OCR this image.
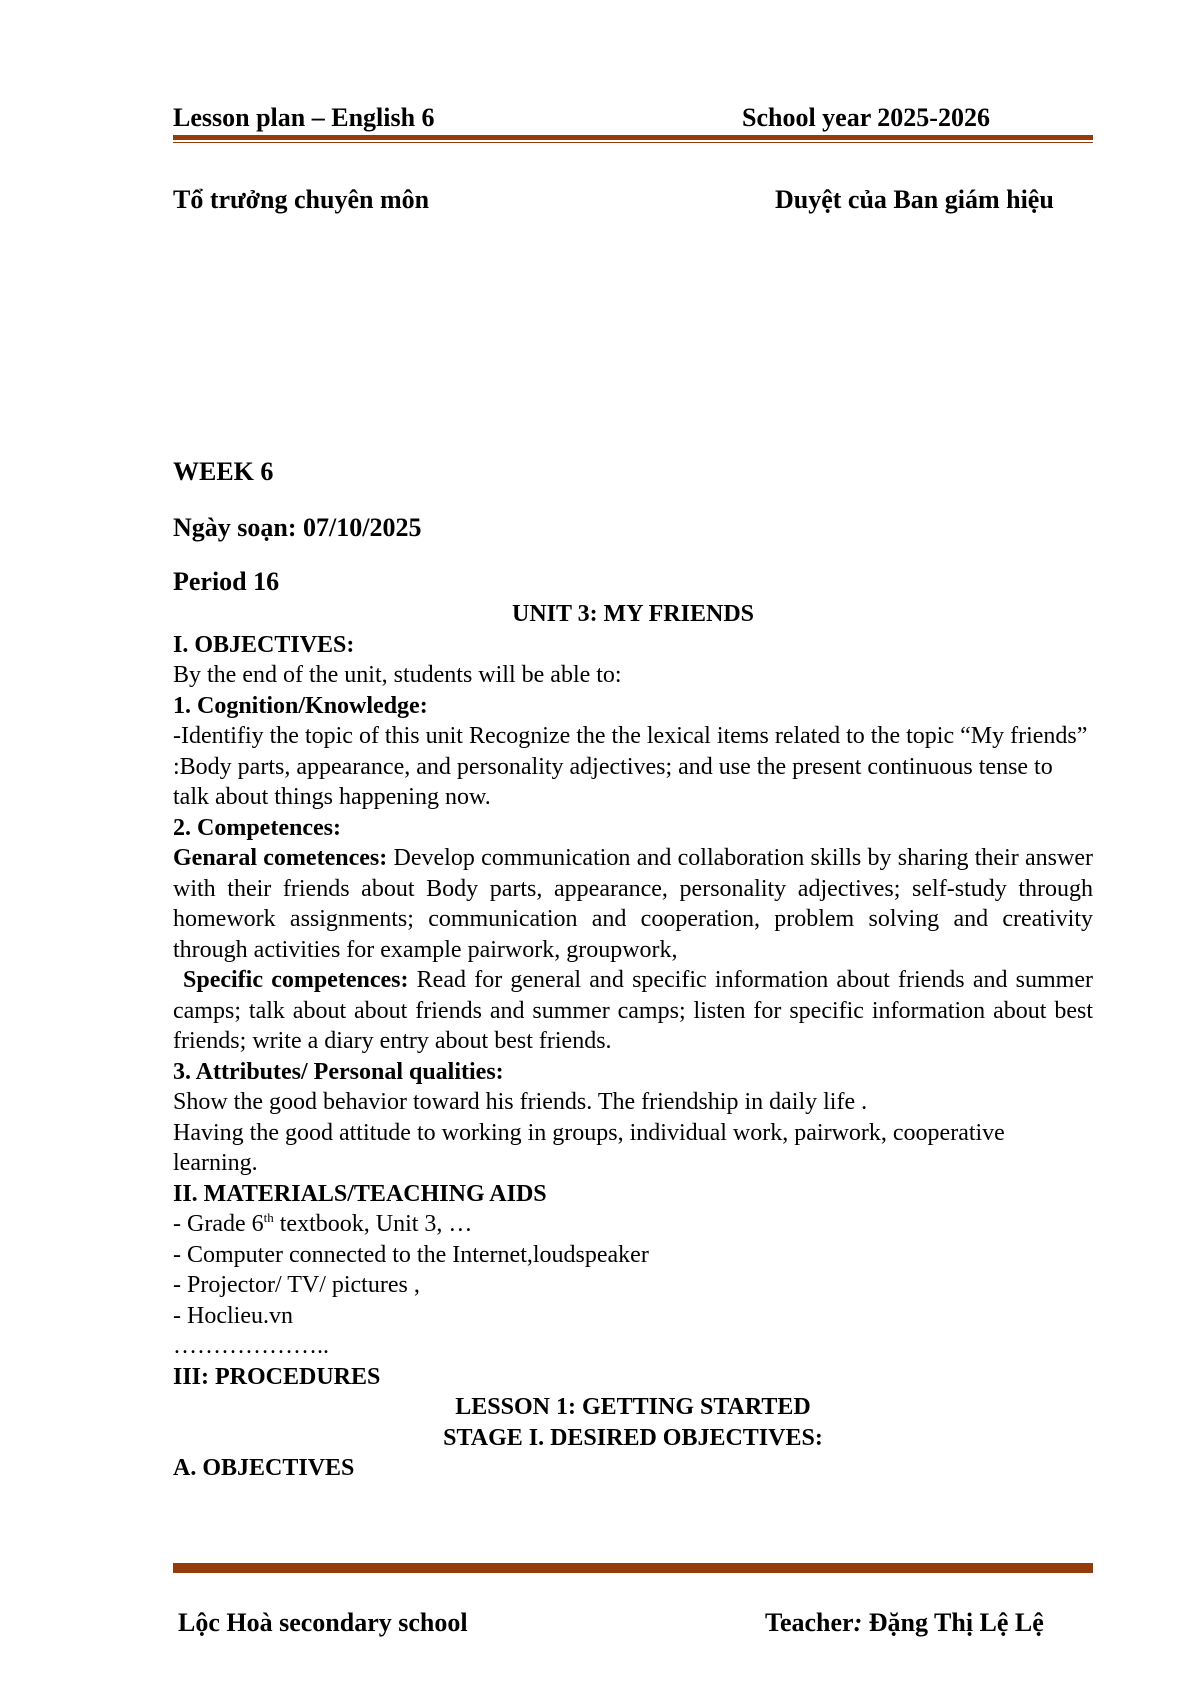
Lesson plan – English 6	School year 2025-2026
Tổ trưởng chuyên môn	Duyệt của Ban giám hiệu
WEEK 6
Ngày soạn: 07/10/2025
Period 16

UNIT 3: MY FRIENDS

I. OBJECTIVES:

By the end of the unit, students will be able to:

1. Cognition/Knowledge:

-Identifiy the topic of this unit Recognize the the lexical items related to the topic “My friends” :Body parts, appearance, and personality adjectives; and use the present continuous tense to talk about things happening now.

2. Competences:

Genaral cometences: Develop communication and collaboration skills by sharing their answer with their friends about Body parts, appearance, personality adjectives; self-study through homework assignments; communication and cooperation, problem solving and creativity through activities for example pairwork, groupwork,

Specific competences: Read for general and specific information about friends and summer camps; talk about about friends and summer camps; listen for specific information about best friends; write a diary entry about best friends.

3. Attributes/ Personal qualities:

Show the good behavior toward his friends. The friendship in daily life .

Having the good attitude to working in groups, individual work, pairwork, cooperative learning.

II. MATERIALS/TEACHING AIDS

- Grade 6th textbook, Unit 3, …

- Computer connected to the Internet,loudspeaker

- Projector/ TV/ pictures ,

- Hoclieu.vn

………………..

III: PROCEDURES

LESSON 1: GETTING STARTED

STAGE I. DESIRED OBJECTIVES:

A. OBJECTIVES

Lộc Hoà secondary school	Teacher: Đặng Thị Lệ Lệ
